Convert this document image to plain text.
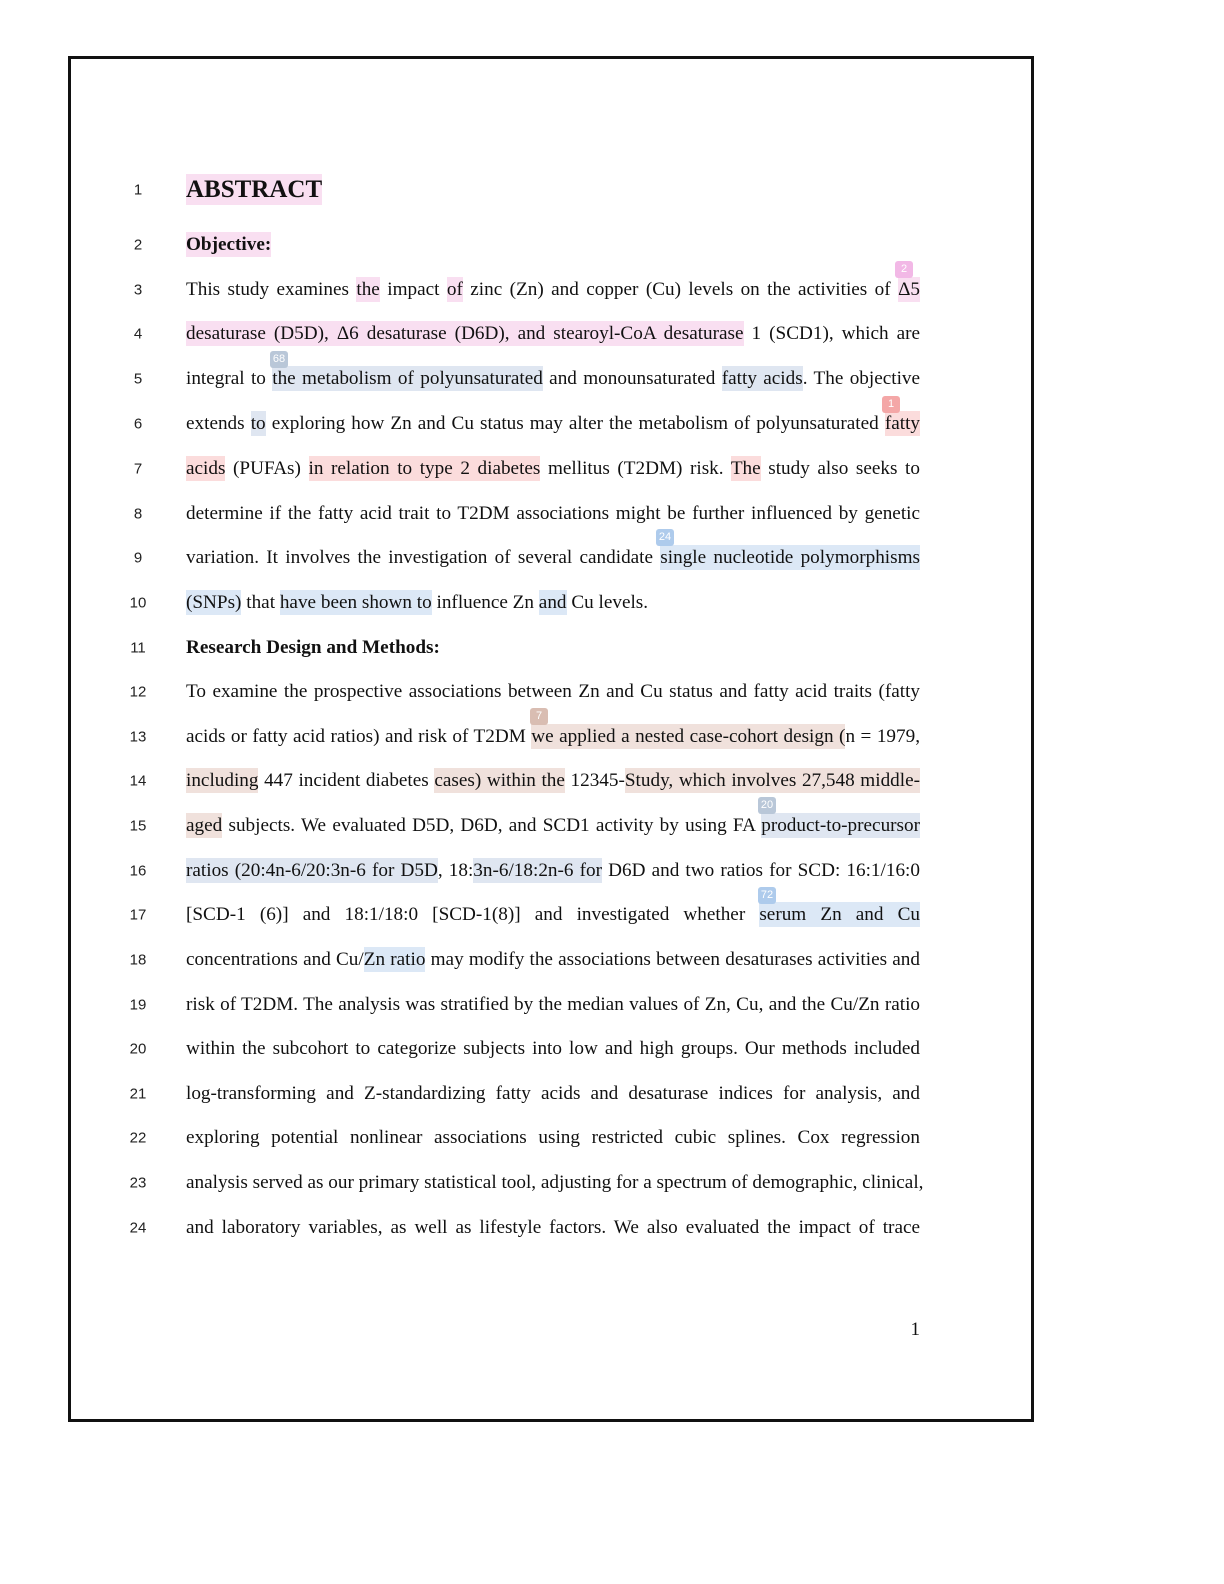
1	ABSTRACT
2	Objective:
3	This study examines the impact of zinc (Zn) and copper (Cu) levels on the activities of Δ5
4	desaturase (D5D), Δ6 desaturase (D6D), and stearoyl-CoA desaturase 1 (SCD1), which are
5	integral to the metabolism of polyunsaturated and monounsaturated fatty acids. The objective
6	extends to exploring how Zn and Cu status may alter the metabolism of polyunsaturated fatty
7	acids (PUFAs) in relation to type 2 diabetes mellitus (T2DM) risk. The study also seeks to
8	determine if the fatty acid trait to T2DM associations might be further influenced by genetic
9	variation. It involves the investigation of several candidate single nucleotide polymorphisms
10	(SNPs) that have been shown to influence Zn and Cu levels.
11	Research Design and Methods:
12	To examine the prospective associations between Zn and Cu status and fatty acid traits (fatty
13	acids or fatty acid ratios) and risk of T2DM we applied a nested case-cohort design (n = 1979,
14	including 447 incident diabetes cases) within the 12345-Study, which involves 27,548 middle-
15	aged subjects. We evaluated D5D, D6D, and SCD1 activity by using FA product-to-precursor
16	ratios (20:4n-6/20:3n-6 for D5D, 18:3n-6/18:2n-6 for D6D and two ratios for SCD: 16:1/16:0
17	[SCD-1 (6)] and 18:1/18:0 [SCD-1(8)] and investigated whether serum Zn and Cu
18	concentrations and Cu/Zn ratio may modify the associations between desaturases activities and
19	risk of T2DM. The analysis was stratified by the median values of Zn, Cu, and the Cu/Zn ratio
20	within the subcohort to categorize subjects into low and high groups. Our methods included
21	log-transforming and Z-standardizing fatty acids and desaturase indices for analysis, and
22	exploring potential nonlinear associations using restricted cubic splines. Cox regression
23	analysis served as our primary statistical tool, adjusting for a spectrum of demographic, clinical,
24	and laboratory variables, as well as lifestyle factors. We also evaluated the impact of trace
2
68
1
24
7
20
72
1
